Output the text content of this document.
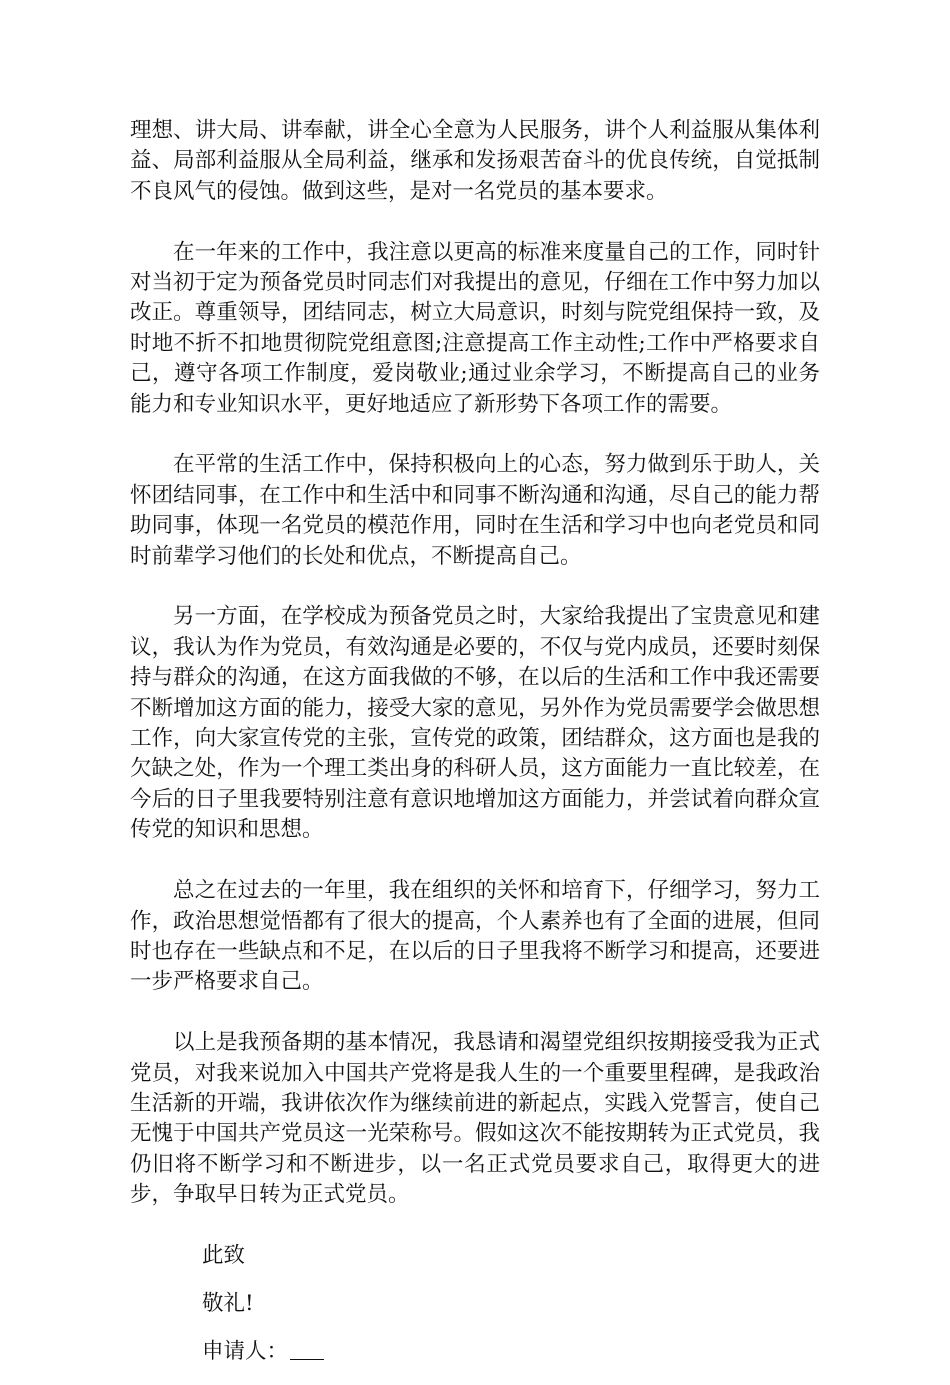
理想、讲大局、讲奉献，讲全心全意为人民服务，讲个人利益服从集体利益、局部利益服从全局利益，继承和发扬艰苦奋斗的优良传统，自觉抵制不良风气的侵蚀。做到这些，是对一名党员的基本要求。

在一年来的工作中，我注意以更高的标准来度量自己的工作，同时针对当初于定为预备党员时同志们对我提出的意见，仔细在工作中努力加以改正。尊重领导，团结同志，树立大局意识，时刻与院党组保持一致，及时地不折不扣地贯彻院党组意图;注意提高工作主动性;工作中严格要求自己，遵守各项工作制度，爱岗敬业;通过业余学习，不断提高自己的业务能力和专业知识水平，更好地适应了新形势下各项工作的需要。

在平常的生活工作中，保持积极向上的心态，努力做到乐于助人，关怀团结同事，在工作中和生活中和同事不断沟通和沟通，尽自己的能力帮助同事，体现一名党员的模范作用，同时在生活和学习中也向老党员和同时前辈学习他们的长处和优点，不断提高自己。

另一方面，在学校成为预备党员之时，大家给我提出了宝贵意见和建议，我认为作为党员，有效沟通是必要的，不仅与党内成员，还要时刻保持与群众的沟通，在这方面我做的不够，在以后的生活和工作中我还需要不断增加这方面的能力，接受大家的意见，另外作为党员需要学会做思想工作，向大家宣传党的主张，宣传党的政策，团结群众，这方面也是我的欠缺之处，作为一个理工类出身的科研人员，这方面能力一直比较差，在今后的日子里我要特别注意有意识地增加这方面能力，并尝试着向群众宣传党的知识和思想。

总之在过去的一年里，我在组织的关怀和培育下，仔细学习，努力工作，政治思想觉悟都有了很大的提高，个人素养也有了全面的进展，但同时也存在一些缺点和不足，在以后的日子里我将不断学习和提高，还要进一步严格要求自己。

以上是我预备期的基本情况，我恳请和渴望党组织按期接受我为正式党员，对我来说加入中国共产党将是我人生的一个重要里程碑，是我政治生活新的开端，我讲依次作为继续前进的新起点，实践入党誓言，使自己无愧于中国共产党员这一光荣称号。假如这次不能按期转为正式党员，我仍旧将不断学习和不断进步，以一名正式党员要求自己，取得更大的进步，争取早日转为正式党员。

此致

敬礼!

申请人：
